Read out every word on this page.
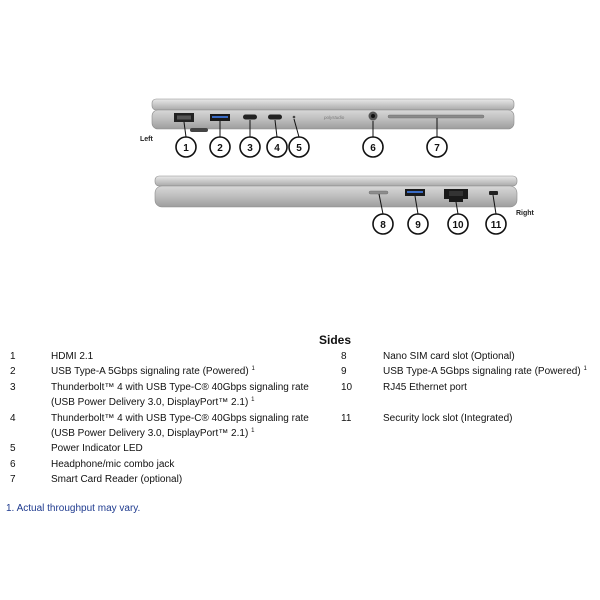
polystudio
Left
1	2 3 4 5	6	7
Right
8	9	10	11
Sides
1	HDMI 2.1
2	USB Type-A 5Gbps signaling rate (Powered) $^1$
3	Thunderbolt™ 4 with USB Type-C® 40Gbps signaling rate
(USB Power Delivery 3.0, DisplayPort™ 2.1) $^1$
4	Thunderbolt™ 4 with USB Type-C® 40Gbps signaling rate
(USB Power Delivery 3.0, DisplayPort™ 2.1) $^1$
5	Power Indicator LED
6	Headphone/mic combo jack
7	Smart Card Reader (optional)
8	Nano SIM card slot (Optional)
9	USB Type-A 5Gbps signaling rate (Powered) $^1$
10	RJ45 Ethernet port
11	Security lock slot (Integrated)
1. Actual throughput may vary.
